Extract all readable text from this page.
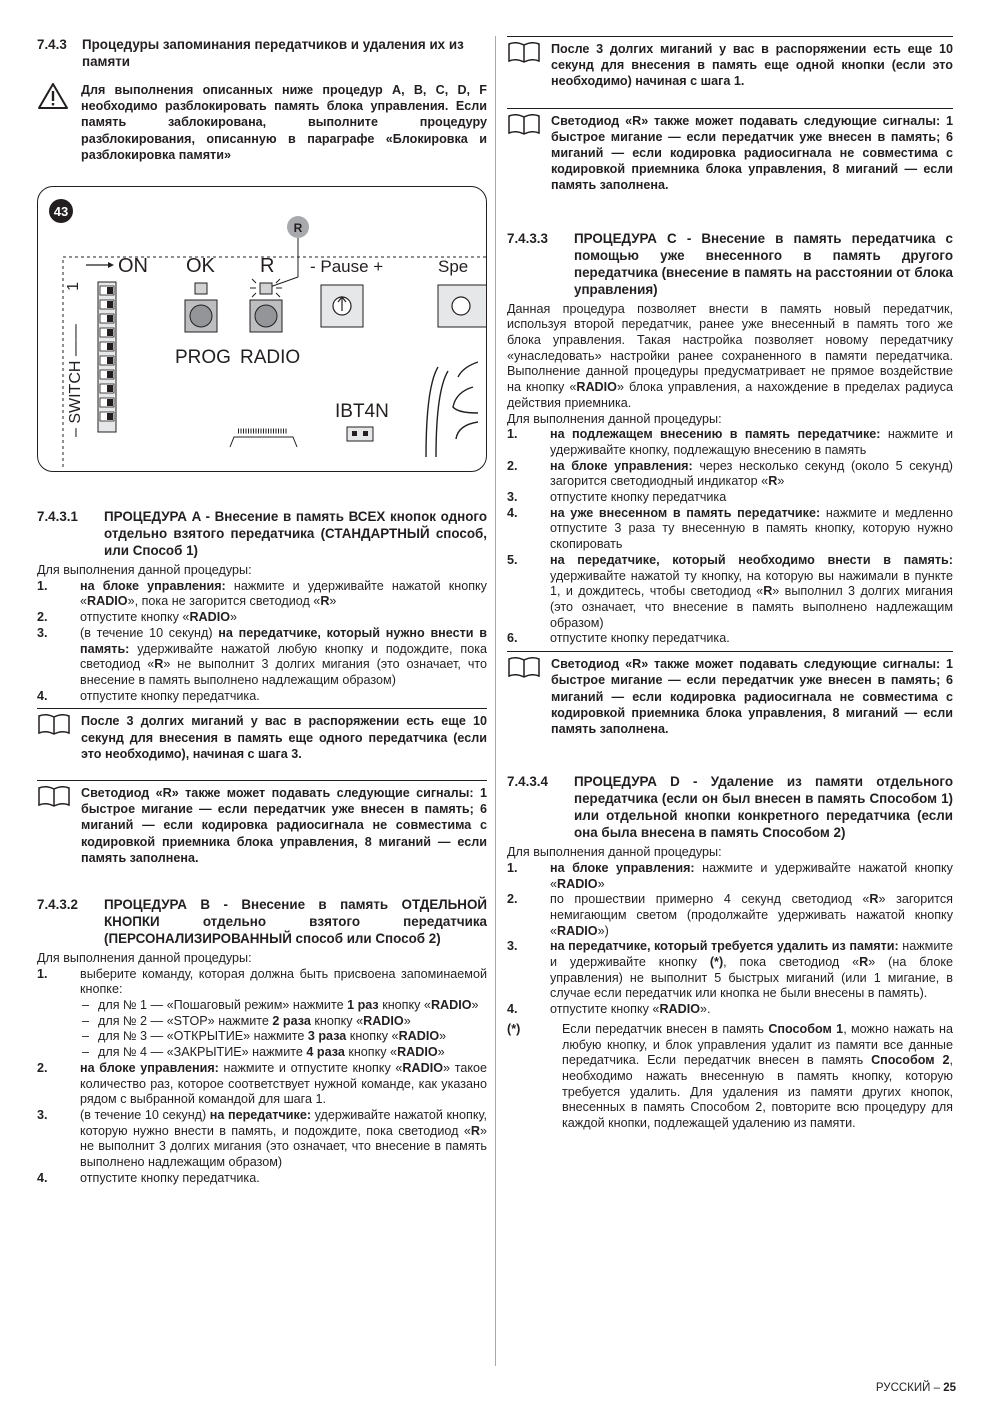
7.4.3	Процедуры запоминания передатчиков и удаления их из памяти
Для выполнения описанных ниже процедур A, B, C, D, F необходимо разблокировать память блока управления. Если память заблокирована, выполните процедуру разблокирования, описанную в параграфе «Блокировка и разблокировка памяти»
43
R
ON OK R - Pause +	Spe
1
– SWITCH ——	PROG RADIO
IBT4N
7.4.3.1	ПРОЦЕДУРА A - Внесение в память ВСЕХ кнопок одного отдельно взятого передатчика (СТАНДАРТНЫЙ способ, или Способ 1)

Для выполнения данной процедуры:

1.	на блоке управления: нажмите и удерживайте нажатой кнопку «RADIO», пока не загорится светодиод «R»
2.	отпустите кнопку «RADIO»
3.	(в течение 10 секунд) на передатчике, который нужно внести в память: удерживайте нажатой любую кнопку и подождите, пока светодиод «R» не выполнит 3 долгих мигания (это означает, что внесение в память выполнено надлежащим образом)
4.	отпустите кнопку передатчика.
После 3 долгих миганий у вас в распоряжении есть еще 10 секунд для внесения в память еще одного передатчика (если это необходимо), начиная с шага 3.
Светодиод «R» также может подавать следующие сигналы: 1 быстрое мигание — если передатчик уже внесен в память; 6 миганий — если кодировка радиосигнала не совместима с кодировкой приемника блока управления, 8 миганий — если память заполнена.
7.4.3.2	ПРОЦЕДУРА B - Внесение в память ОТДЕЛЬНОЙ КНОПКИ отдельно взятого передатчика (ПЕРСОНАЛИЗИРОВАННЫЙ способ или Способ 2)

Для выполнения данной процедуры:

1.	выберите команду, которая должна быть присвоена запоминаемой кнопке:
– для № 1 — «Пошаговый режим» нажмите 1 раз кнопку «RADIO»
– для № 2 — «STOP» нажмите 2 раза кнопку «RADIO»
– для № 3 — «ОТКРЫТИЕ» нажмите 3 раза кнопку «RADIO»
– для № 4 — «ЗАКРЫТИЕ» нажмите 4 раза кнопку «RADIO»
2.	на блоке управления: нажмите и отпустите кнопку «RADIO» такое количество раз, которое соответствует нужной команде, как указано рядом с выбранной командой для шага 1.
3.	(в течение 10 секунд) на передатчике: удерживайте нажатой кнопку, которую нужно внести в память, и подождите, пока светодиод «R» не выполнит 3 долгих мигания (это означает, что внесение в память выполнено надлежащим образом)
4.	отпустите кнопку передатчика.
После 3 долгих миганий у вас в распоряжении есть еще 10 секунд для внесения в память еще одной кнопки (если это необходимо) начиная с шага 1.
Светодиод «R» также может подавать следующие сигналы: 1 быстрое мигание — если передатчик уже внесен в память; 6 миганий — если кодировка радиосигнала не совместима с кодировкой приемника блока управления, 8 миганий — если память заполнена.
7.4.3.3	ПРОЦЕДУРА C - Внесение в память передатчика с помощью уже внесенного в память другого передатчика (внесение в память на расстоянии от блока управления)

Данная процедура позволяет внести в память новый передатчик, используя второй передатчик, ранее уже внесенный в память того же блока управления. Такая настройка позволяет новому передатчику «унаследовать» настройки ранее сохраненного в памяти передатчика. Выполнение данной процедуры предусматривает не прямое воздействие на кнопку «RADIO» блока управления, а нахождение в пределах радиуса действия приемника.

Для выполнения данной процедуры:

1.	на подлежащем внесению в память передатчике: нажмите и удерживайте кнопку, подлежащую внесению в память
2.	на блоке управления: через несколько секунд (около 5 секунд) загорится светодиодный индикатор «R»
3.	отпустите кнопку передатчика
4.	на уже внесенном в память передатчике: нажмите и медленно отпустите 3 раза ту внесенную в память кнопку, которую нужно скопировать
5.	на передатчике, который необходимо внести в память: удерживайте нажатой ту кнопку, на которую вы нажимали в пункте 1, и дождитесь, чтобы светодиод «R» выполнил 3 долгих мигания (это означает, что внесение в память выполнено надлежащим образом)
6.	отпустите кнопку передатчика.
Светодиод «R» также может подавать следующие сигналы: 1 быстрое мигание — если передатчик уже внесен в память; 6 миганий — если кодировка радиосигнала не совместима с кодировкой приемника блока управления, 8 миганий — если память заполнена.
7.4.3.4	ПРОЦЕДУРА D - Удаление из памяти отдельного передатчика (если он был внесен в память Способом 1) или отдельной кнопки конкретного передатчика (если она была внесена в память Способом 2)

Для выполнения данной процедуры:

1.	на блоке управления: нажмите и удерживайте нажатой кнопку «RADIO»
2.	по прошествии примерно 4 секунд светодиод «R» загорится немигающим светом (продолжайте удерживать нажатой кнопку «RADIO»)
3.	на передатчике, который требуется удалить из памяти: нажмите и удерживайте кнопку (*), пока светодиод «R» (на блоке управления) не выполнит 5 быстрых миганий (или 1 мигание, в случае если передатчик или кнопка не были внесены в память).
4.	отпустите кнопку «RADIO».
(*)	Если передатчик внесен в память Способом 1, можно нажать на любую кнопку, и блок управления удалит из памяти все данные передатчика. Если передатчик внесен в память Способом 2, необходимо нажать внесенную в память кнопку, которую требуется удалить. Для удаления из памяти других кнопок, внесенных в память Способом 2, повторите всю процедуру для каждой кнопки, подлежащей удалению из памяти.
РУССКИЙ – 25
